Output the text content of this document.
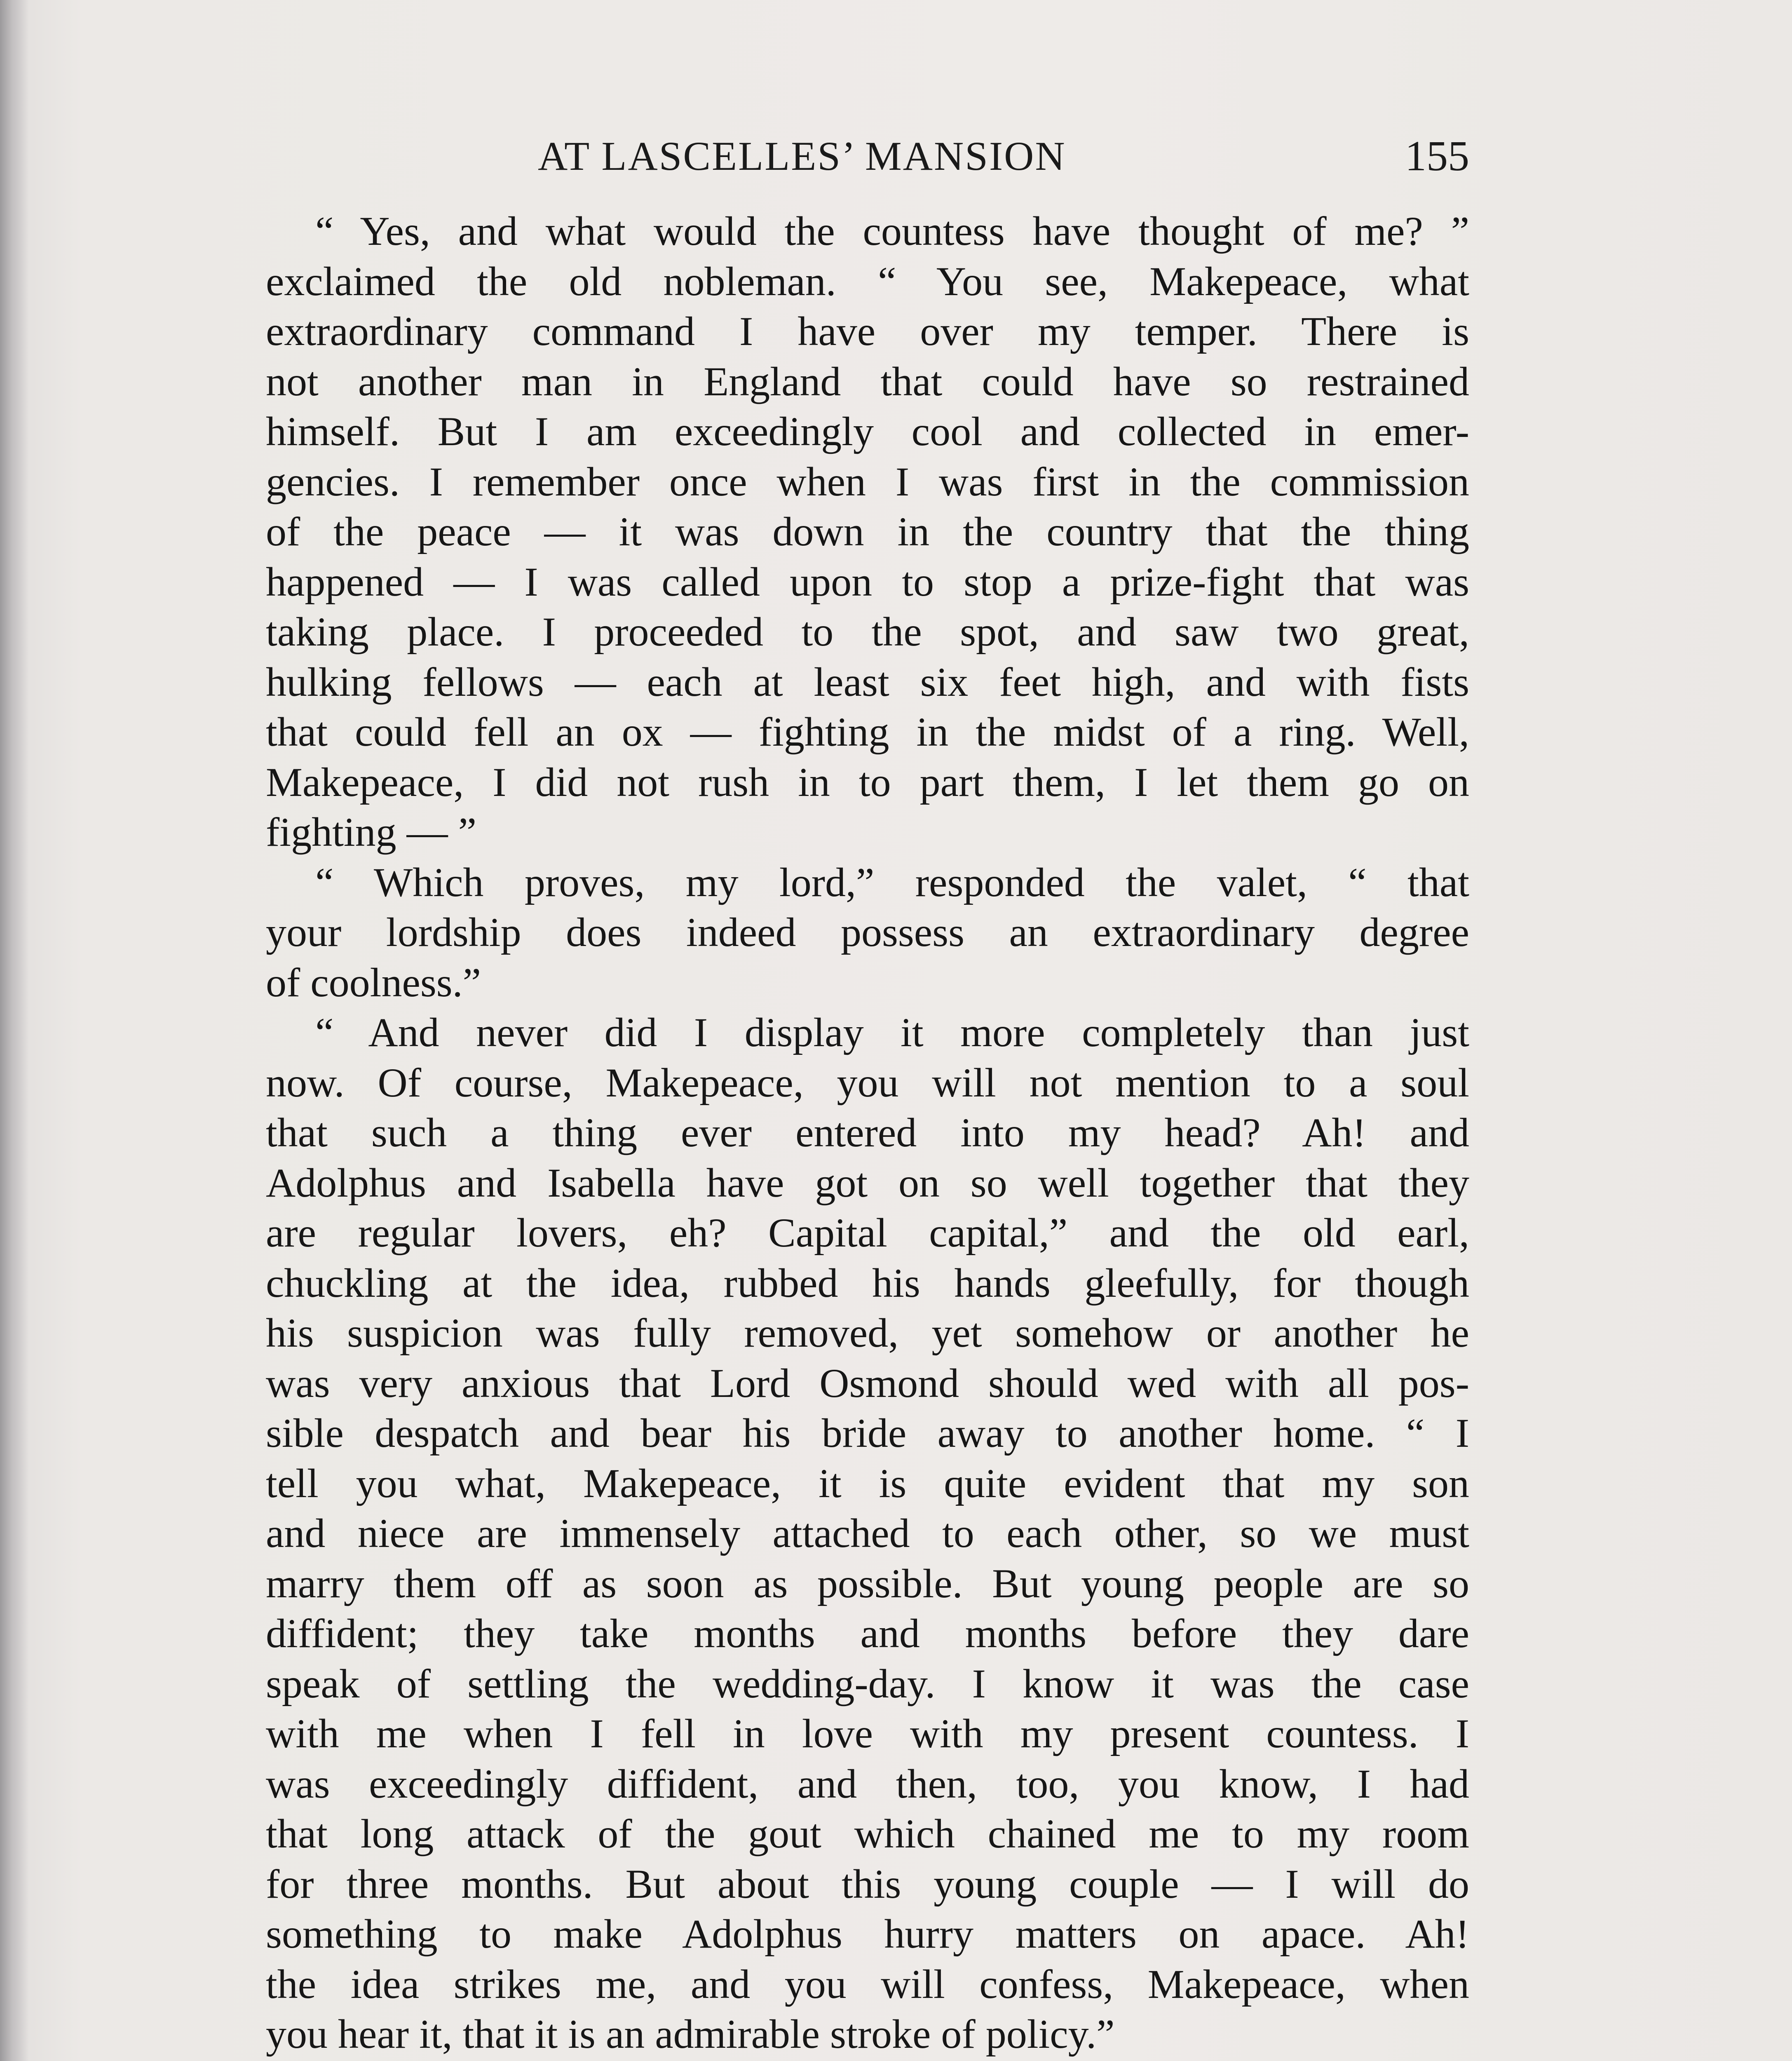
AT LASCELLES’ MANSION	155
“ Yes, and what would the countess have thought of me? ”
exclaimed the old nobleman. “ You see, Makepeace, what
extraordinary command I have over my temper. There is
not another man in England that could have so restrained
himself. But I am exceedingly cool and collected in emer-
gencies. I remember once when I was first in the commission
of the peace — it was down in the country that the thing
happened — I was called upon to stop a prize-fight that was
taking place. I proceeded to the spot, and saw two great,
hulking fellows — each at least six feet high, and with fists
that could fell an ox — fighting in the midst of a ring. Well,
Makepeace, I did not rush in to part them, I let them go on
fighting — ”
“ Which proves, my lord,” responded the valet, “ that
your lordship does indeed possess an extraordinary degree
of coolness.”
“ And never did I display it more completely than just
now. Of course, Makepeace, you will not mention to a soul
that such a thing ever entered into my head? Ah! and
Adolphus and Isabella have got on so well together that they
are regular lovers, eh? Capital capital,” and the old earl,
chuckling at the idea, rubbed his hands gleefully, for though
his suspicion was fully removed, yet somehow or another he
was very anxious that Lord Osmond should wed with all pos-
sible despatch and bear his bride away to another home. “ I
tell you what, Makepeace, it is quite evident that my son
and niece are immensely attached to each other, so we must
marry them off as soon as possible. But young people are so
diffident; they take months and months before they dare
speak of settling the wedding-day. I know it was the case
with me when I fell in love with my present countess. I
was exceedingly diffident, and then, too, you know, I had
that long attack of the gout which chained me to my room
for three months. But about this young couple — I will do
something to make Adolphus hurry matters on apace. Ah!
the idea strikes me, and you will confess, Makepeace, when
you hear it, that it is an admirable stroke of policy.”
